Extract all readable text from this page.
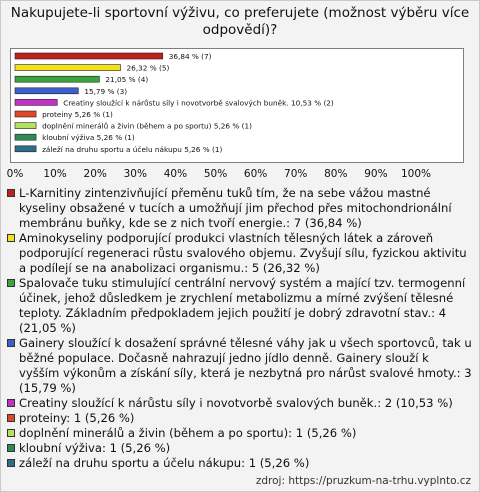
Nakupujete-li sportovní výživu, co preferujete (možnost výběru více odpovědí)?
36,84 % (7)
26,32 % (5)
21,05 % (4)
15,79 % (3)
Creatiny sloužící k nárůstu síly i novotvorbě svalových buněk. 10,53 % (2)
proteiny 5,26 % (1)
doplnění minerálů a živin (během a po sportu) 5,26 % (1)
kloubní výživa 5,26 % (1)
záleží na druhu sportu a účelu nákupu 5,26 % (1)
0% 10% 20% 30% 40% 50% 60% 70% 80% 90% 100%
L-Karnitiny zintenzivňující přeměnu tuků tím, že na sebe vážou mastné kyseliny obsažené v tucích a umožňují jim přechod přes mitochondrionální membránu buňky, kde se z nich tvoří energie.: 7 (36,84 %)
Aminokyseliny podporující produkci vlastních tělesných látek a zároveň podporující regeneraci růstu svalového objemu. Zvyšují sílu, fyzickou aktivitu a podílejí se na anabolizaci organismu.: 5 (26,32 %)
Spalovače tuku stimulující centrální nervový systém a mající tzv. termogenní účinek, jehož důsledkem je zrychlení metabolizmu a mírné zvýšení tělesné teploty. Základním předpokladem jejich použití je dobrý zdravotní stav.: 4 (21,05 %)
Gainery sloužící k dosažení správné tělesné váhy jak u všech sportovců, tak u běžné populace. Dočasně nahrazují jedno jídlo denně. Gainery slouží k vyšším výkonům a získání síly, která je nezbytná pro nárůst svalové hmoty.: 3 (15,79 %)
Creatiny sloužící k nárůstu síly i novotvorbě svalových buněk.: 2 (10,53 %)
proteiny: 1 (5,26 %)
doplnění minerálů a živin (během a po sportu): 1 (5,26 %)
kloubní výživa: 1 (5,26 %)
záleží na druhu sportu a účelu nákupu: 1 (5,26 %)
zdroj: https://pruzkum-na-trhu.vyplnto.cz
